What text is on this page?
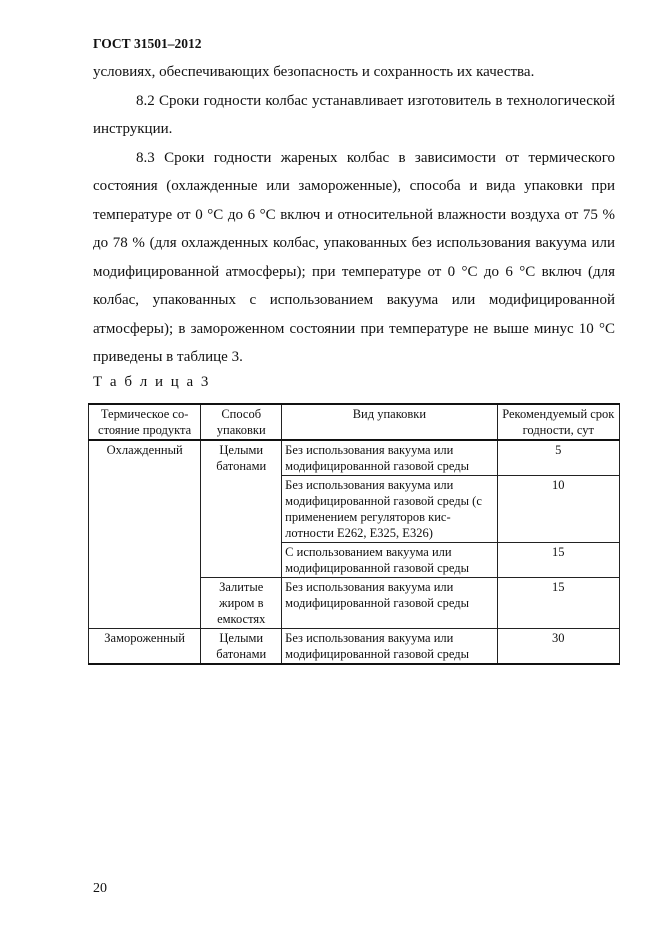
ГОСТ 31501–2012

условиях, обеспечивающих безопасность и сохранность их качества.

8.2 Сроки годности колбас устанавливает изготовитель в технологической инструкции.

8.3 Сроки годности жареных колбас в зависимости от термического состояния (охлажденные или замороженные), способа и вида упаковки при температуре от 0 °С до 6 °С включ и относительной влажности воздуха от 75 % до 78 % (для охлажденных колбас, упакованных без использования вакуума или модифицированной атмосферы); при температуре от 0 °С до 6 °С включ (для колбас, упакованных с использованием вакуума или модифицированной атмосферы); в замороженном состоянии при температуре не выше минус 10 °С приведены в таблице 3.

Т а б л и ц а 3
Термическое со-стояние продукта	Способ упаковки	Вид упаковки	Рекомендуемый срок годности, сут
Охлажденный	Целыми батонами	Без использования вакуума или модифицированной газовой среды	5
		Без использования вакуума или модифицированной газовой среды (с применением регуляторов кис-лотности E262, E325, E326)	10
		С использованием вакуума или модифицированной газовой среды	15
	Залитые жиром в емкостях	Без использования вакуума или модифицированной газовой среды	15
Замороженный	Целыми батонами	Без использования вакуума или модифицированной газовой среды	30
20
